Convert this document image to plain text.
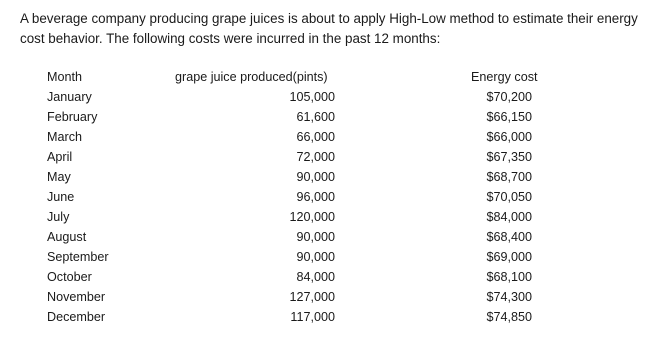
A beverage company producing grape juices is about to apply High-Low method to estimate their energy cost behavior. The following costs were incurred in the past 12 months:

Month	grape juice produced(pints)	Energy cost
January	105,000	$70,200
February	61,600	$66,150
March	66,000	$66,000
April	72,000	$67,350
May	90,000	$68,700
June	96,000	$70,050
July	120,000	$84,000
August	90,000	$68,400
September	90,000	$69,000
October	84,000	$68,100
November	127,000	$74,300
December	117,000	$74,850
